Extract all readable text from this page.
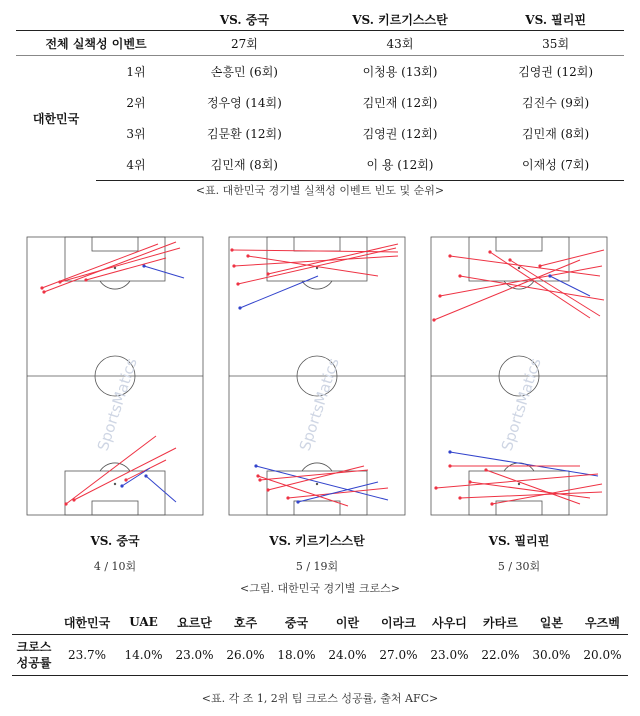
		VS. 중국	VS. 키르기스스탄	VS. 필리핀
전체 실책성 이벤트		27회	43회	35회
대한민국	1위	손흥민 (6회)	이청용 (13회)	김영권 (12회)
	2위	정우영 (14회)	김민재 (12회)	김진수 (9회)
	3위	김문환 (12회)	김영권 (12회)	김민재 (8회)
	4위	김민재 (8회)	이 용 (12회)	이재성 (7회)
<표. 대한민국 경기별 실책성 이벤트 빈도 및 순위>
SportsMatics	SportsMatics	SportsMatics
VS. 중국	VS. 키르기스스탄	VS. 필리핀
4 / 10회	5 / 19회	5 / 30회
<그림. 대한민국 경기별 크로스>
	대한민국	UAE	요르단	호주	중국	이란	이라크	사우디	카타르	일본	우즈벡
크로스
성공률	23.7%	14.0%	23.0%	26.0%	18.0%	24.0%	27.0%	23.0%	22.0%	30.0%	20.0%
<표. 각 조 1, 2위 팀 크로스 성공률, 출처 AFC>
